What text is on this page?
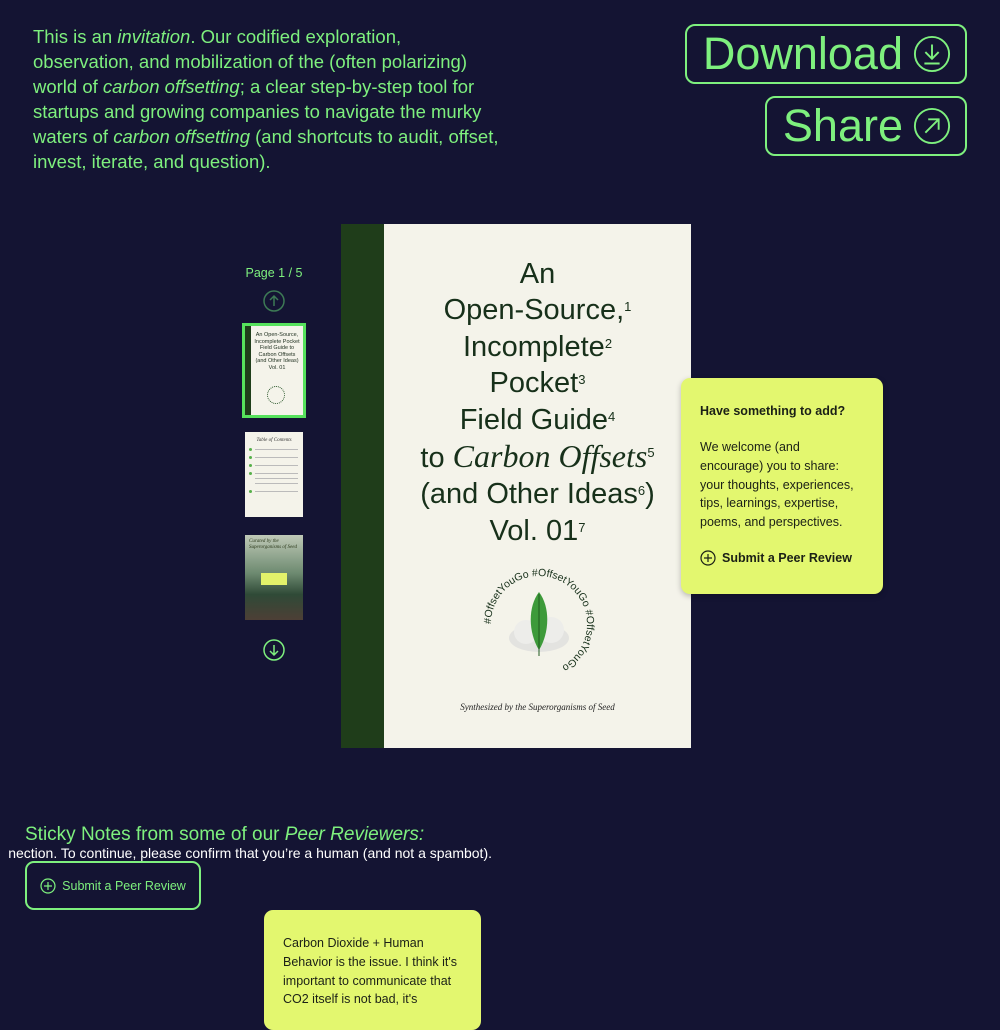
This is an invitation. Our codified exploration, observation, and mobilization of the (often polarizing) world of carbon offsetting; a clear step-by-step tool for startups and growing companies to navigate the murky waters of carbon offsetting (and shortcuts to audit, offset, invest, iterate, and question).

Download
Share
Page 1 / 5
An Open-Source, Incomplete Pocket Field Guide to Carbon Offsets (and Other Ideas) Vol. 01
Table of Contents
Curated by the Superorganisms of Seed
An
Open-Source,$^1$
Incomplete$^2$
Pocket$^3$
Field Guide$^4$
to Carbon Offsets$^5$
(and Other Ideas$^6$)
Vol. $01^7$
#OffsetYouGo #OffsetYouGo #OffsetYouGo
Synthesized by the Superorganisms of Seed

Have something to add?

We welcome (and encourage) you to share: your thoughts, experiences, tips, learnings, expertise, poems, and perspectives.

Submit a Peer Review
Sticky Notes from some of our Peer Reviewers:
nection. To continue, please confirm that you’re a human (and not a spambot).
Submit a Peer Review
Carbon Dioxide + Human Behavior is the issue. I think it's important to communicate that CO2 itself is not bad, it's
